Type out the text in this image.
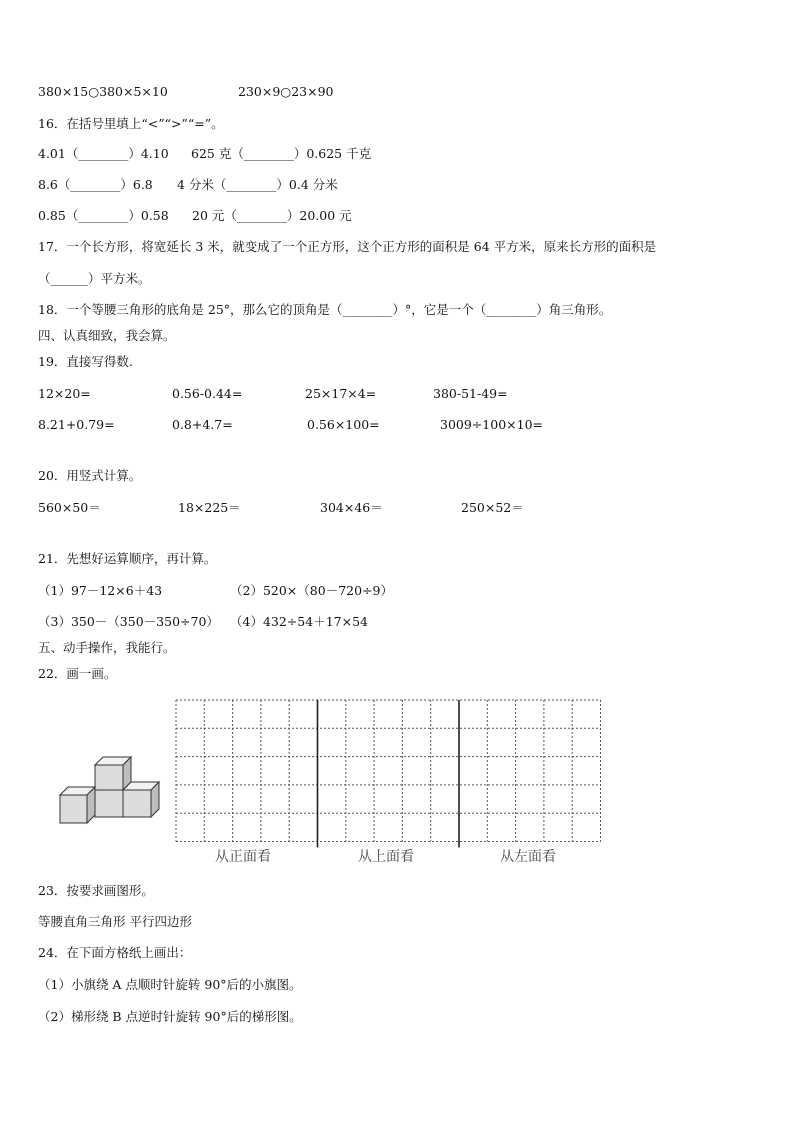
380×15○380×5×10	230×9○23×90
16．在括号里填上“<”“>”“=”。
4.01（________）4.10 625 克（________）0.625 千克
8.6（________）6.8 4 分米（________）0.4 分米
0.85（________）0.58 20 元（________）20.00 元
17．一个长方形，将宽延长 3 米，就变成了一个正方形，这个正方形的面积是 64 平方米，原来长方形的面积是
（______）平方米。
18．一个等腰三角形的底角是 25°，那么它的顶角是（________）°，它是一个（________）角三角形。
四、认真细致，我会算。
19．直接写得数.
12×20=	0.56-0.44=	25×17×4=	380-51-49=
8.21+0.79=	0.8+4.7=	0.56×100=	3009÷100×10=
20．用竖式计算。
560×50＝	18×225＝	304×46＝	250×52＝
21．先想好运算顺序，再计算。
（1）97－12×6＋43	（2）520×（80－720÷9）
（3）350－（350－350÷70） （4）432÷54＋17×54
五、动手操作，我能行。
22．画一画。
从正面看	从上面看	从左面看
23．按要求画图形。
等腰直角三角形 平行四边形
24．在下面方格纸上画出：
（1）小旗绕 A 点顺时针旋转 90°后的小旗图。
（2）梯形绕 B 点逆时针旋转 90°后的梯形图。
